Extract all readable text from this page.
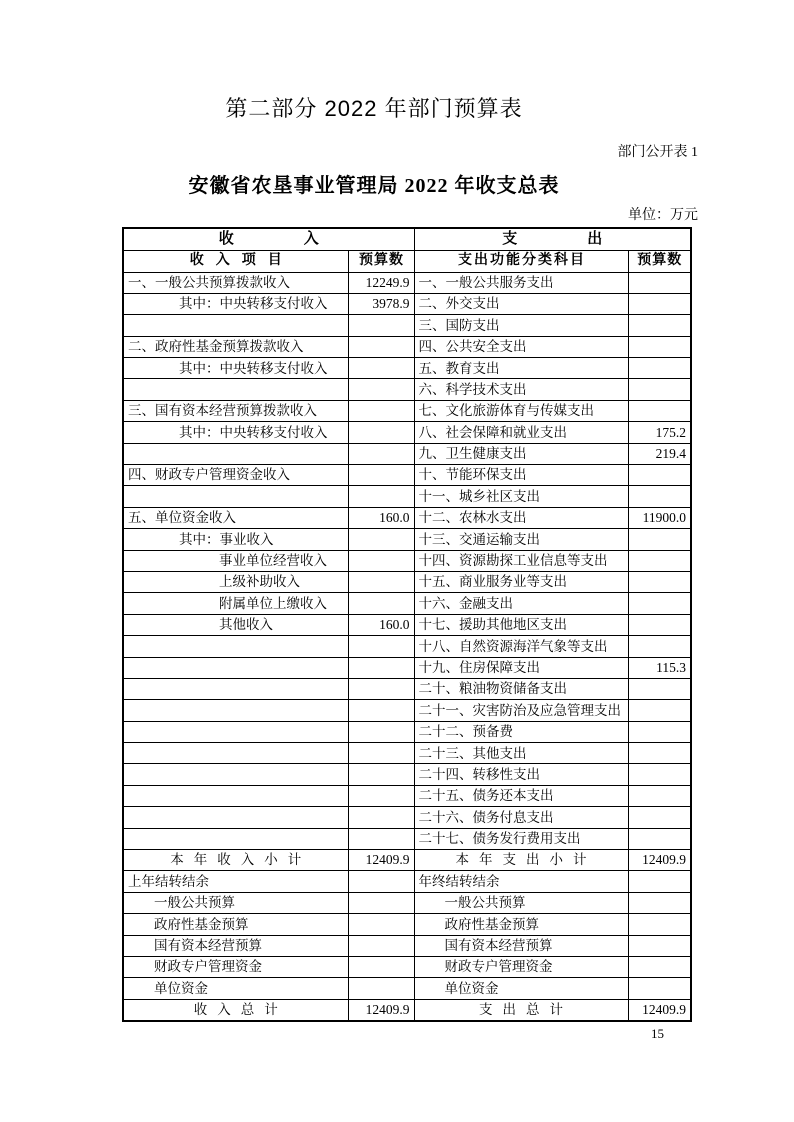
第二部分 2022 年部门预算表
部门公开表 1
安徽省农垦事业管理局 2022 年收支总表
单位：万元
收入		支出	
收入项目	预算数	支出功能分类科目	预算数
一、一般公共预算拨款收入	12249.9	一、一般公共服务支出	
其中：中央转移支付收入	3978.9	二、外交支出	
		三、国防支出	
二、政府性基金预算拨款收入		四、公共安全支出	
其中：中央转移支付收入		五、教育支出	
		六、科学技术支出	
三、国有资本经营预算拨款收入		七、文化旅游体育与传媒支出	
其中：中央转移支付收入		八、社会保障和就业支出	175.2
		九、卫生健康支出	219.4
四、财政专户管理资金收入		十、节能环保支出	
		十一、城乡社区支出	
五、单位资金收入	160.0	十二、农林水支出	11900.0
其中：事业收入		十三、交通运输支出	
事业单位经营收入		十四、资源勘探工业信息等支出	
上级补助收入		十五、商业服务业等支出	
附属单位上缴收入		十六、金融支出	
其他收入	160.0	十七、援助其他地区支出	
		十八、自然资源海洋气象等支出	
		十九、住房保障支出	115.3
		二十、粮油物资储备支出	
		二十一、灾害防治及应急管理支出	
		二十二、预备费	
		二十三、其他支出	
		二十四、转移性支出	
		二十五、债务还本支出	
		二十六、债务付息支出	
		二十七、债务发行费用支出	
本年收入小计	12409.9	本年支出小计	12409.9
上年结转结余		年终结转结余	
一般公共预算		一般公共预算	
政府性基金预算		政府性基金预算	
国有资本经营预算		国有资本经营预算	
财政专户管理资金		财政专户管理资金	
单位资金		单位资金	
收入总计	12409.9	支出总计	12409.9
15
